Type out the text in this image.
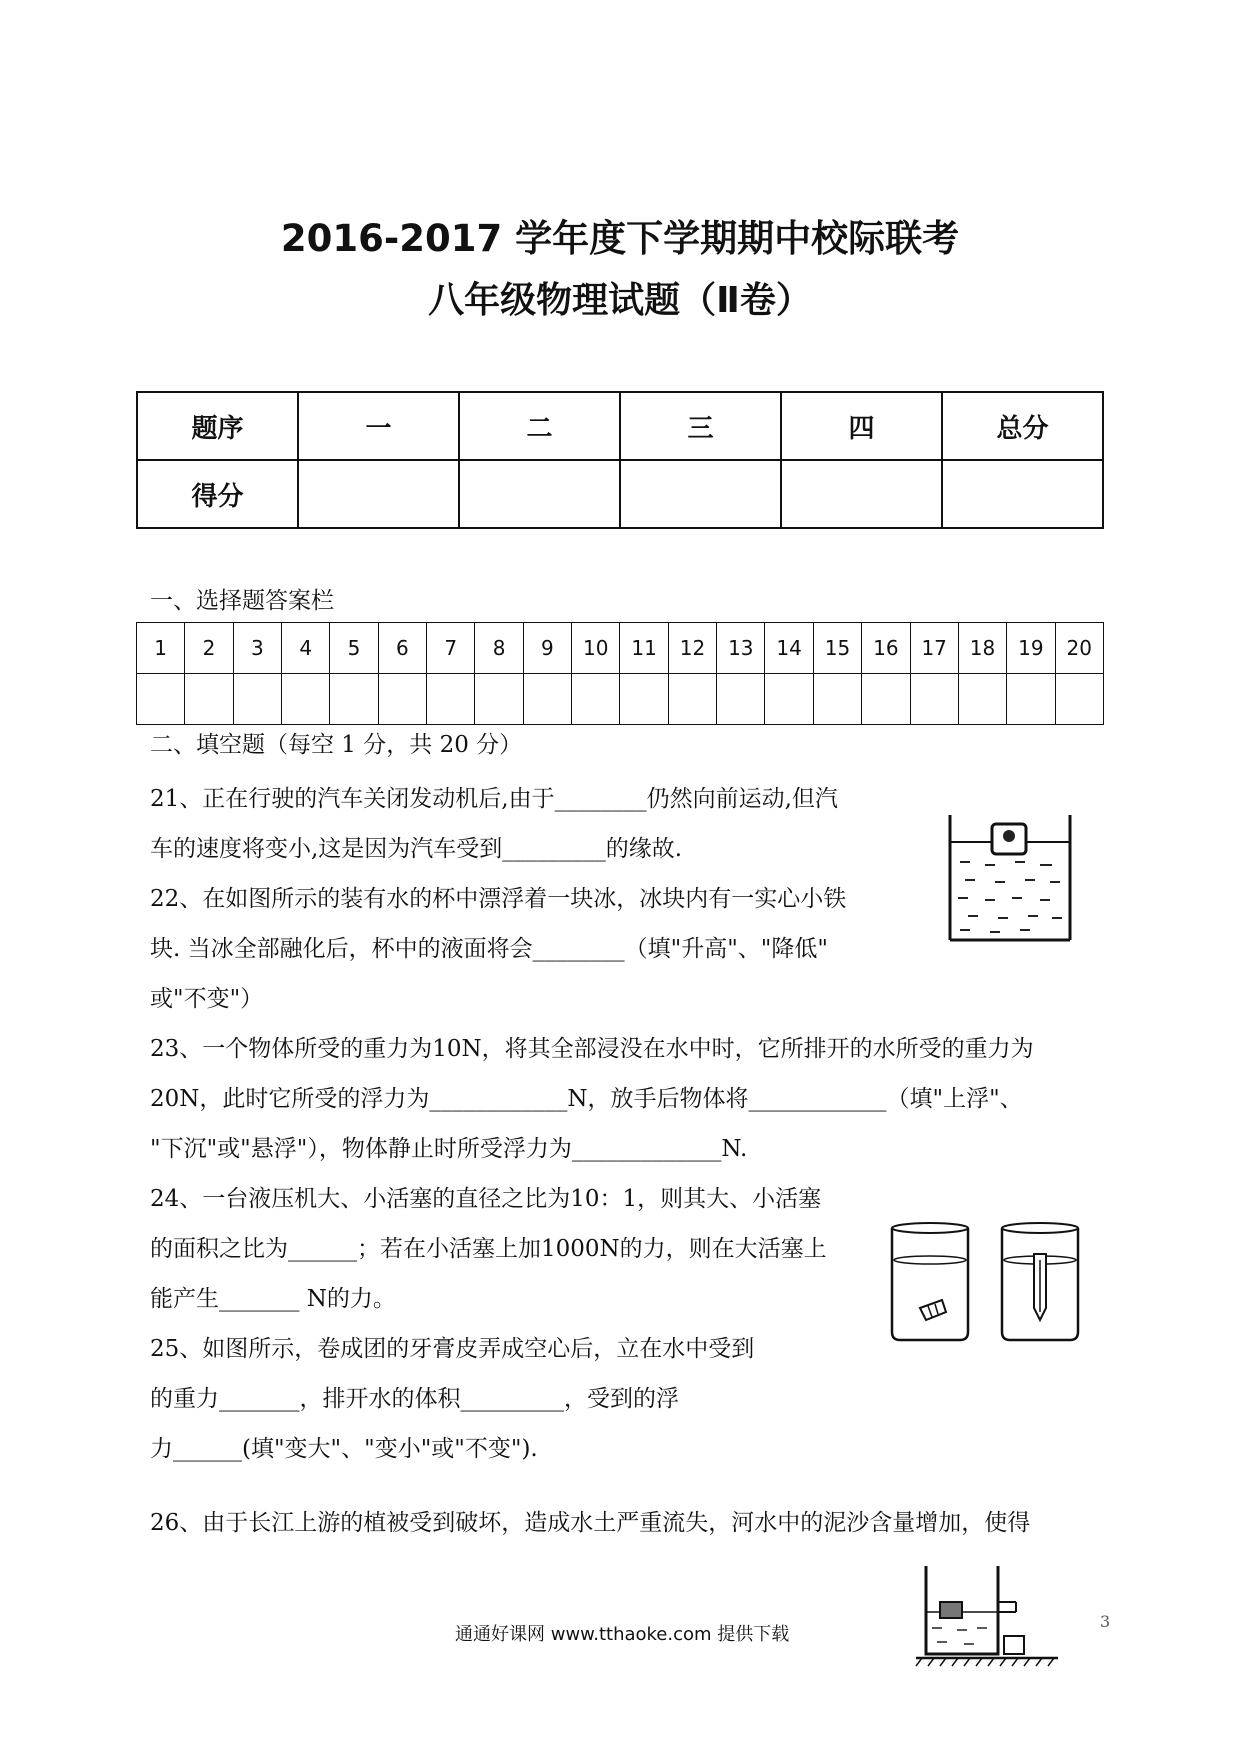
2016-2017 学年度下学期期中校际联考
八年级物理试题（Ⅱ卷）
题序	一	二	三	四	总分
得分					
一、选择题答案栏
1	2	3	4	5	6	7	8	9	10	11	12	13	14	15	16	17	18	19	20

二、填空题（每空 1 分，共 20 分）
21、正在行驶的汽车关闭发动机后,由于________仍然向前运动,但汽
车的速度将变小,这是因为汽车受到_________的缘故.
22、在如图所示的装有水的杯中漂浮着一块冰，冰块内有一实心小铁
块. 当冰全部融化后，杯中的液面将会________（填"升高"、"降低"
或"不变"）
23、一个物体所受的重力为10N，将其全部浸没在水中时，它所排开的水所受的重力为
20N，此时它所受的浮力为____________N，放手后物体将____________（填"上浮"、
"下沉"或"悬浮"），物体静止时所受浮力为_____________N.
24、一台液压机大、小活塞的直径之比为10：1，则其大、小活塞
的面积之比为______；若在小活塞上加1000N的力，则在大活塞上
能产生_______ N的力。
25、如图所示，卷成团的牙膏皮弄成空心后，立在水中受到
的重力_______，排开水的体积_________，受到的浮
力______(填"变大"、"变小"或"不变").
26、由于长江上游的植被受到破坏，造成水土严重流失，河水中的泥沙含量增加，使得
通通好课网 www.tthaoke.com 提供下载
3
